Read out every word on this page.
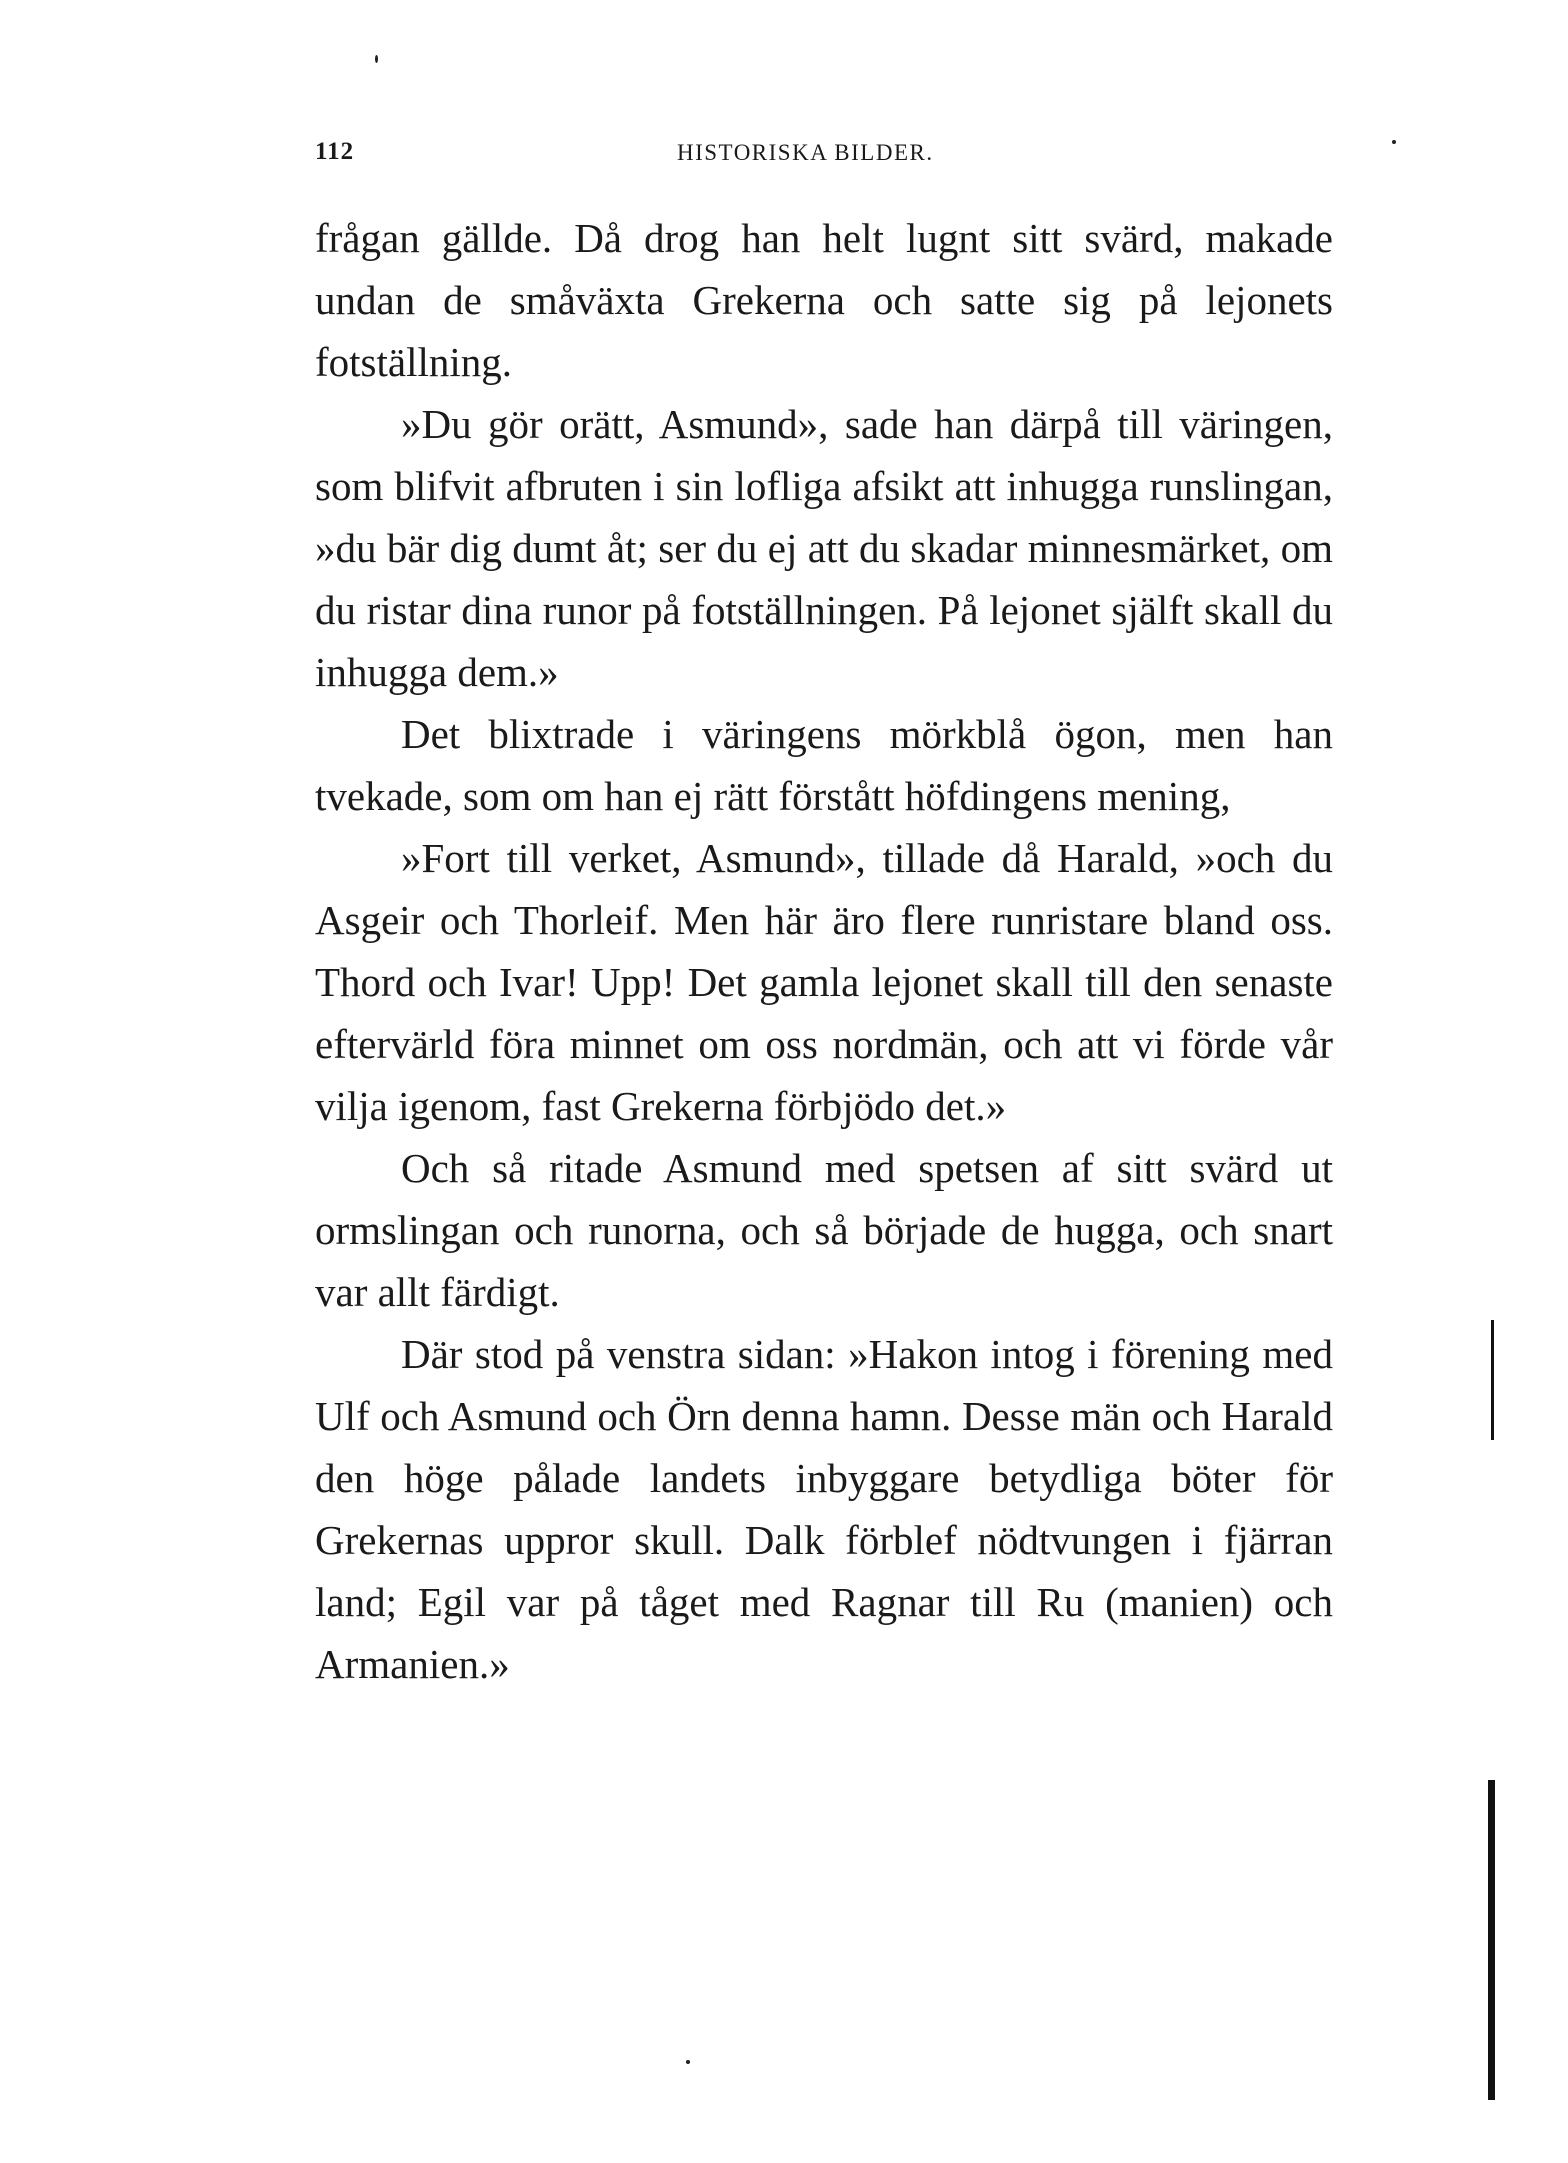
112	HISTORISKA BILDER.

frågan gällde. Då drog han helt lugnt sitt svärd, makade undan de småväxta Grekerna och satte sig på lejonets fotställning.

»Du gör orätt, Asmund», sade han därpå till väringen, som blifvit afbruten i sin lofliga afsikt att inhugga runslingan, »du bär dig dumt åt; ser du ej att du skadar minnesmärket, om du ristar dina runor på fotställningen. På lejonet själft skall du inhugga dem.»

Det blixtrade i väringens mörkblå ögon, men han tvekade, som om han ej rätt förstått höfdingens mening,

»Fort till verket, Asmund», tillade då Harald, »och du Asgeir och Thorleif. Men här äro flere runristare bland oss. Thord och Ivar! Upp! Det gamla lejonet skall till den senaste eftervärld föra minnet om oss nordmän, och att vi förde vår vilja igenom, fast Grekerna förbjödo det.»

Och så ritade Asmund med spetsen af sitt svärd ut ormslingan och runorna, och så började de hugga, och snart var allt färdigt.

Där stod på venstra sidan: »Hakon intog i förening med Ulf och Asmund och Örn denna hamn. Desse män och Harald den höge pålade landets inbyggare betydliga böter för Grekernas uppror skull. Dalk förblef nödtvungen i fjärran land; Egil var på tåget med Ragnar till Ru (manien) och Armanien.»
